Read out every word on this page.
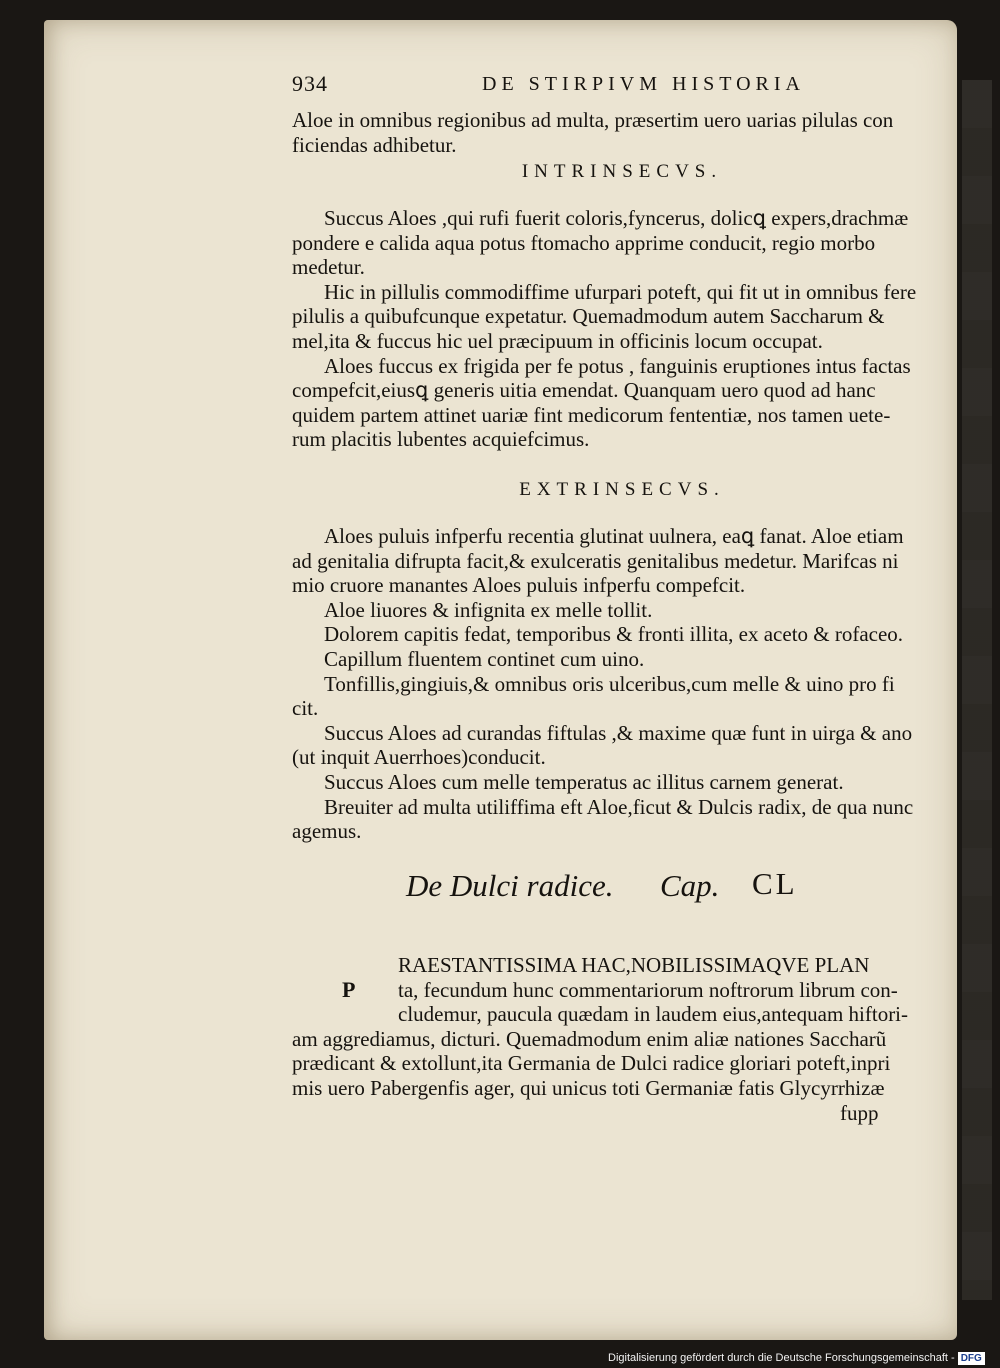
934	DE STIRPIVM HISTORIA
Aloe in omnibus regionibus ad multa, præsertim uero uarias pilulas con
ficiendas adhibetur.
INTRINSECVS.
Succus Aloes ,qui rufi fuerit coloris,fyncerus, dolicꝗ expers,drachmæ
pondere e calida aqua potus ftomacho apprime conducit, regio morbo
medetur.
Hic in pillulis commodiffime ufurpari poteft, qui fit ut in omnibus fere
pilulis a quibufcunque expetatur. Quemadmodum autem Saccharum &
mel,ita & fuccus hic uel præcipuum in officinis locum occupat.
Aloes fuccus ex frigida per fe potus , fanguinis eruptiones intus factas
compefcit,eiusꝗ generis uitia emendat. Quanquam uero quod ad hanc
quidem partem attinet uariæ fint medicorum fententiæ, nos tamen uete-
rum placitis lubentes acquiefcimus.
EXTRINSECVS.
Aloes puluis infperfu recentia glutinat uulnera, eaꝗ fanat. Aloe etiam
ad genitalia difrupta facit,& exulceratis genitalibus medetur. Marifcas ni
mio cruore manantes Aloes puluis infperfu compefcit.
Aloe liuores & infignita ex melle tollit.
Dolorem capitis fedat, temporibus & fronti illita, ex aceto & rofaceo.
Capillum fluentem continet cum uino.
Tonfillis,gingiuis,& omnibus oris ulceribus,cum melle & uino pro fi
cit.
Succus Aloes ad curandas fiftulas ,& maxime quæ funt in uirga & ano
(ut inquit Auerrhoes)conducit.
Succus Aloes cum melle temperatus ac illitus carnem generat.
Breuiter ad multa utiliffima eft Aloe,ficut & Dulcis radix, de qua nunc
agemus.
De Dulci radice. Cap. CL
P
RAESTANTISSIMA HAC,NOBILISSIMAQVE PLAN
ta, fecundum hunc commentariorum noftrorum librum con-
cludemur, paucula quædam in laudem eius,antequam hiftori-
am aggrediamus, dicturi. Quemadmodum enim aliæ nationes Saccharũ
prædicant & extollunt,ita Germania de Dulci radice gloriari poteft,inpri
mis uero Pabergenfis ager, qui unicus toti Germaniæ fatis Glycyrrhizæ
fupp
Digitalisierung gefördert durch die Deutsche Forschungsgemeinschaft - DFG
